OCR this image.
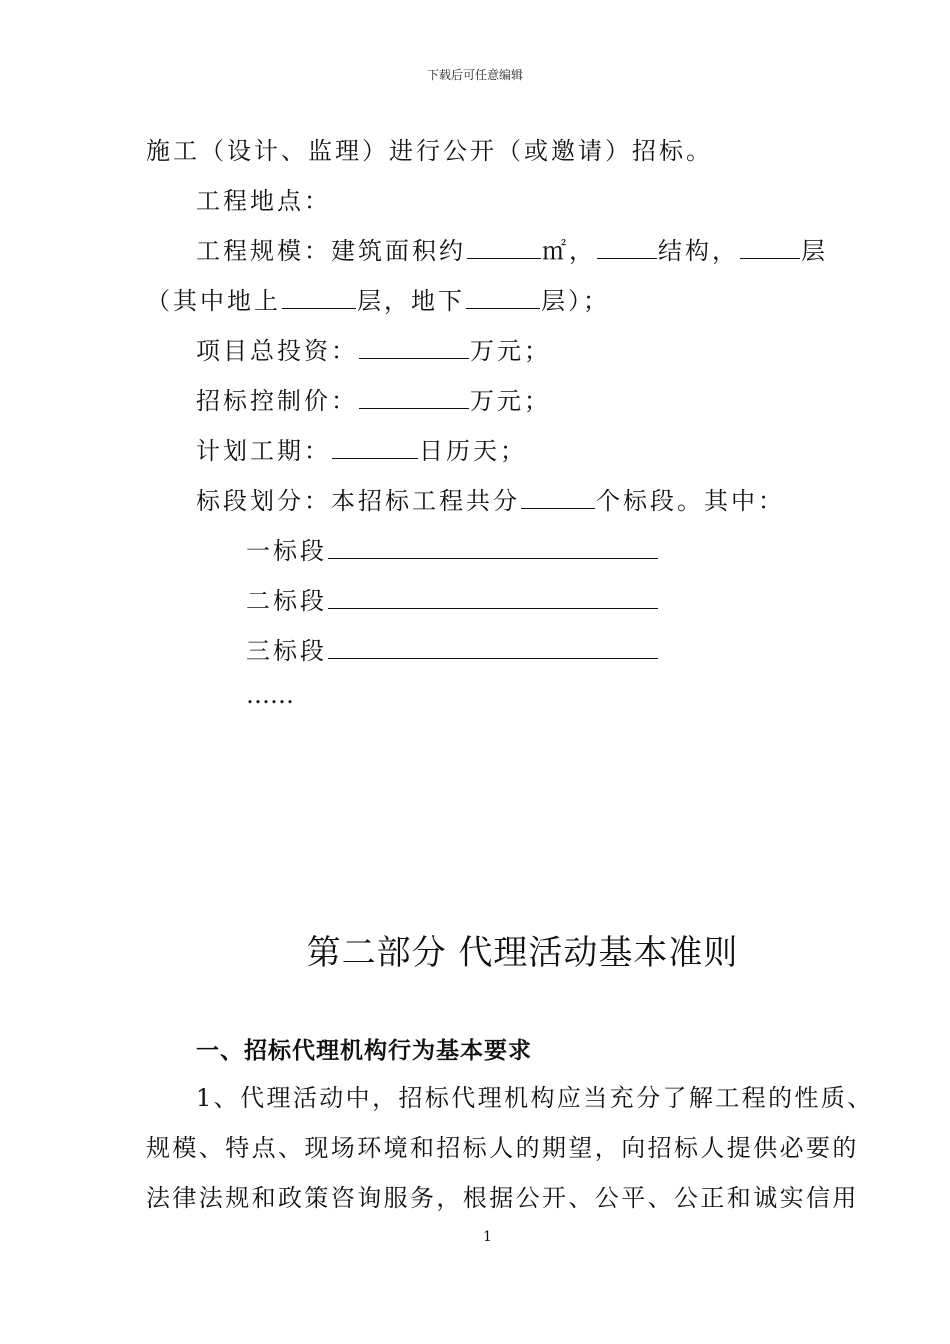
下载后可任意编辑
施工（设计、监理）进行公开（或邀请）招标。
工程地点：
工程规模：建筑面积约	㎡，	结构，	层
（其中地上	层，地下	层）；
项目总投资：	万元；
招标控制价：	万元；
计划工期：	日历天；
标段划分：本招标工程共分	个标段。其中：
一标段
二标段
三标段
……
第二部分 代理活动基本准则
一、招标代理机构行为基本要求
1、代理活动中，招标代理机构应当充分了解工程的性质、
规模、特点、现场环境和招标人的期望，向招标人提供必要的
法律法规和政策咨询服务，根据公开、公平、公正和诚实信用
1
